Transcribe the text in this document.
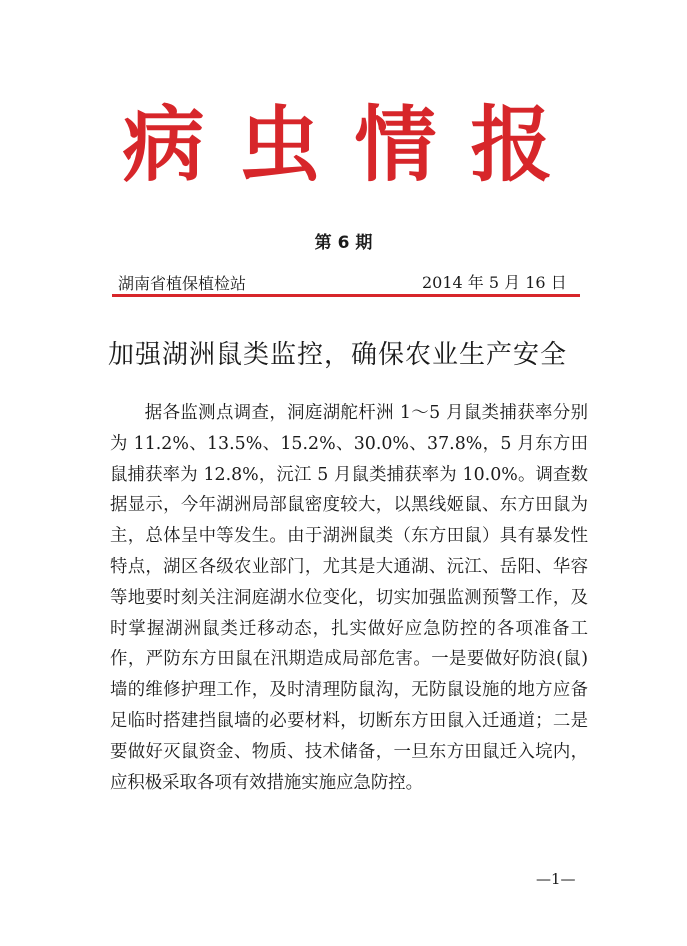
病虫情报
第 6 期
湖南省植保植检站	2014 年 5 月 16 日
加强湖洲鼠类监控，确保农业生产安全

据各监测点调查，洞庭湖舵杆洲 1～5 月鼠类捕获率分别为 11.2%、13.5%、15.2%、30.0%、37.8%，5 月东方田鼠捕获率为 12.8%，沅江 5 月鼠类捕获率为 10.0%。调查数据显示，今年湖洲局部鼠密度较大，以黑线姬鼠、东方田鼠为主，总体呈中等发生。由于湖洲鼠类（东方田鼠）具有暴发性特点，湖区各级农业部门，尤其是大通湖、沅江、岳阳、华容等地要时刻关注洞庭湖水位变化，切实加强监测预警工作，及时掌握湖洲鼠类迁移动态，扎实做好应急防控的各项准备工作，严防东方田鼠在汛期造成局部危害。一是要做好防浪(鼠)墙的维修护理工作，及时清理防鼠沟，无防鼠设施的地方应备足临时搭建挡鼠墙的必要材料，切断东方田鼠入迁通道；二是要做好灭鼠资金、物质、技术储备，一旦东方田鼠迁入垸内，应积极采取各项有效措施实施应急防控。

—1—
